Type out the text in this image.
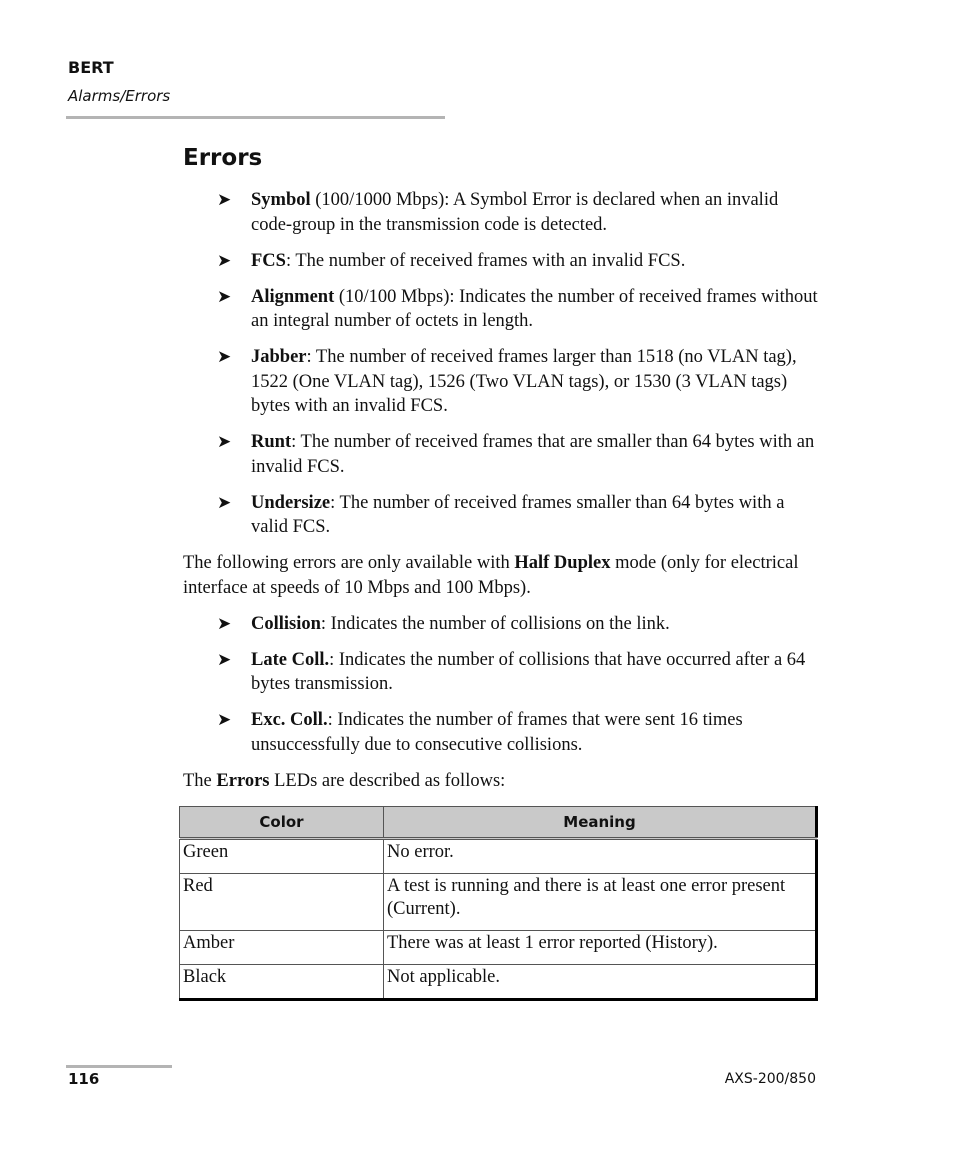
BERT
Alarms/Errors
Errors
➤ Symbol (100/1000 Mbps): A Symbol Error is declared when an invalid code-group in the transmission code is detected.
➤ FCS: The number of received frames with an invalid FCS.
➤ Alignment (10/100 Mbps): Indicates the number of received frames without an integral number of octets in length.
➤ Jabber: The number of received frames larger than 1518 (no VLAN tag), 1522 (One VLAN tag), 1526 (Two VLAN tags), or 1530 (3 VLAN tags) bytes with an invalid FCS.
➤ Runt: The number of received frames that are smaller than 64 bytes with an invalid FCS.
➤ Undersize: The number of received frames smaller than 64 bytes with a valid FCS.

The following errors are only available with Half Duplex mode (only for electrical interface at speeds of 10 Mbps and 100 Mbps).

➤ Collision: Indicates the number of collisions on the link.
➤ Late Coll.: Indicates the number of collisions that have occurred after a 64 bytes transmission.
➤ Exc. Coll.: Indicates the number of frames that were sent 16 times unsuccessfully due to consecutive collisions.

The Errors LEDs are described as follows:

Color	Meaning
Green	No error.
Red	A test is running and there is at least one error present (Current).
Amber	There was at least 1 error reported (History).
Black	Not applicable.
116	AXS-200/850
